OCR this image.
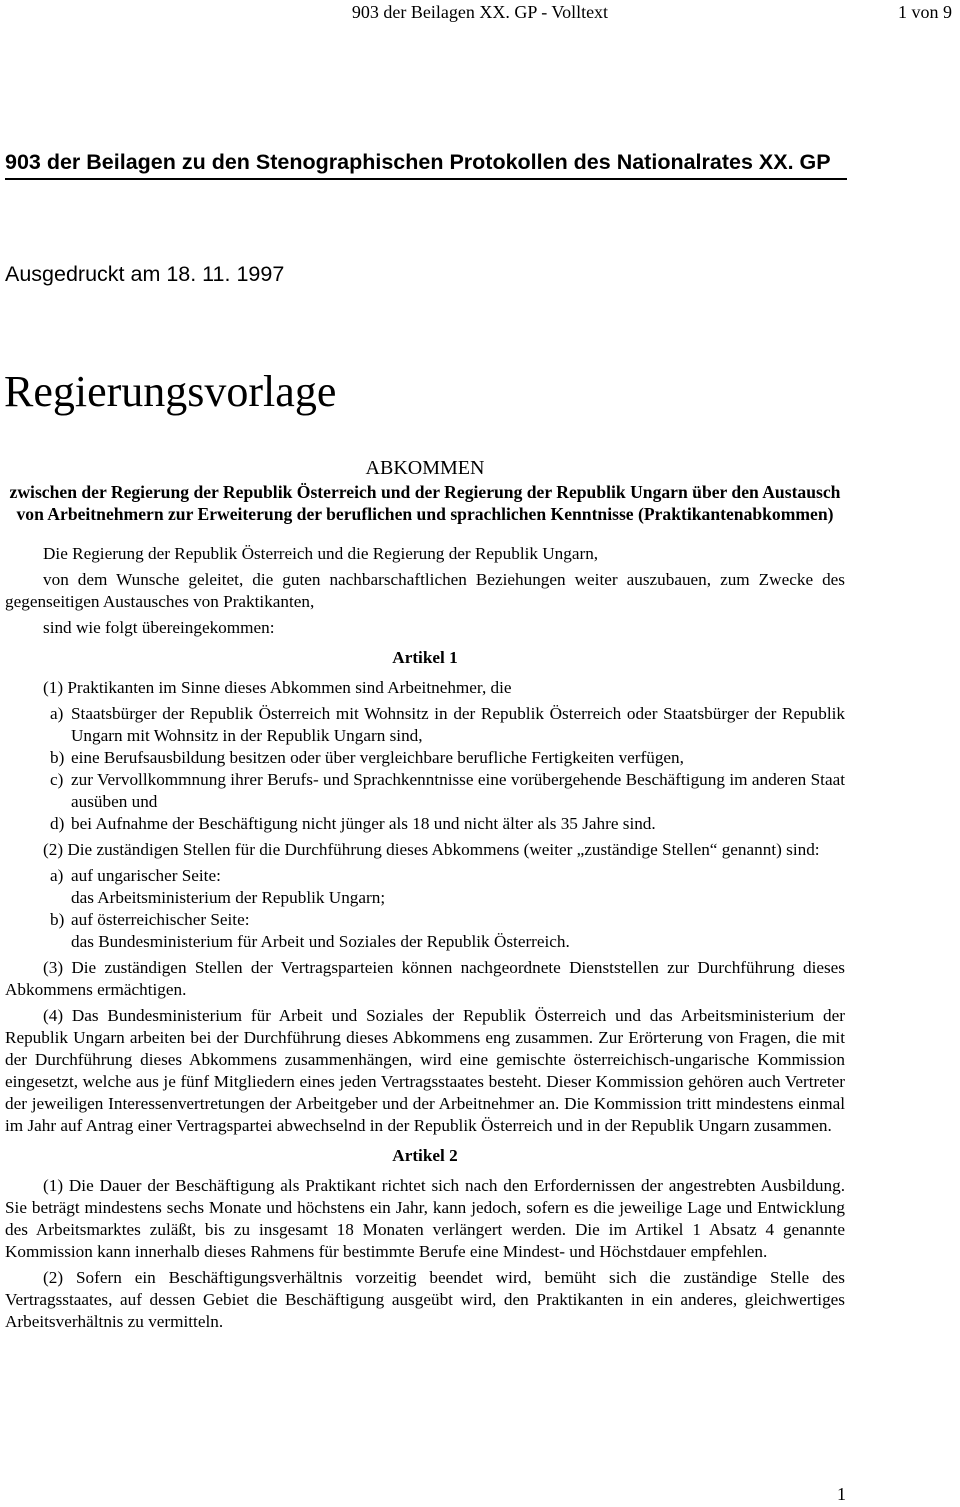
903 der Beilagen XX. GP - Volltext	1 von 9
903 der Beilagen zu den Stenographischen Protokollen des Nationalrates XX. GP
Ausgedruckt am 18. 11. 1997
Regierungsvorlage
ABKOMMEN
zwischen der Regierung der Republik Österreich und der Regierung der Republik Ungarn über den Austausch von Arbeitnehmern zur Erweiterung der beruflichen und sprachlichen Kenntnisse (Praktikantenabkommen)

Die Regierung der Republik Österreich und die Regierung der Republik Ungarn,

von dem Wunsche geleitet, die guten nachbarschaftlichen Beziehungen weiter auszubauen, zum Zwecke des gegenseitigen Austausches von Praktikanten,

sind wie folgt übereingekommen:

Artikel 1

(1) Praktikanten im Sinne dieses Abkommen sind Arbeitnehmer, die

a) Staatsbürger der Republik Österreich mit Wohnsitz in der Republik Österreich oder Staatsbürger der Republik Ungarn mit Wohnsitz in der Republik Ungarn sind,
b) eine Berufsausbildung besitzen oder über vergleichbare berufliche Fertigkeiten verfügen,
c) zur Vervollkommnung ihrer Berufs- und Sprachkenntnisse eine vorübergehende Beschäftigung im anderen Staat ausüben und
d) bei Aufnahme der Beschäftigung nicht jünger als 18 und nicht älter als 35 Jahre sind.

(2) Die zuständigen Stellen für die Durchführung dieses Abkommens (weiter „zuständige Stellen“ genannt) sind:

a) auf ungarischer Seite:
das Arbeitsministerium der Republik Ungarn;
b) auf österreichischer Seite:
das Bundesministerium für Arbeit und Soziales der Republik Österreich.

(3) Die zuständigen Stellen der Vertragsparteien können nachgeordnete Dienststellen zur Durchführung dieses Abkommens ermächtigen.

(4) Das Bundesministerium für Arbeit und Soziales der Republik Österreich und das Arbeitsministerium der Republik Ungarn arbeiten bei der Durchführung dieses Abkommens eng zusammen. Zur Erörterung von Fragen, die mit der Durchführung dieses Abkommens zusammenhängen, wird eine gemischte österreichisch-ungarische Kommission eingesetzt, welche aus je fünf Mitgliedern eines jeden Vertragsstaates besteht. Dieser Kommission gehören auch Vertreter der jeweiligen Interessenvertretungen der Arbeitgeber und der Arbeitnehmer an. Die Kommission tritt mindestens einmal im Jahr auf Antrag einer Vertragspartei abwechselnd in der Republik Österreich und in der Republik Ungarn zusammen.

Artikel 2

(1) Die Dauer der Beschäftigung als Praktikant richtet sich nach den Erfordernissen der angestrebten Ausbildung. Sie beträgt mindestens sechs Monate und höchstens ein Jahr, kann jedoch, sofern es die jeweilige Lage und Entwicklung des Arbeitsmarktes zuläßt, bis zu insgesamt 18 Monaten verlängert werden. Die im Artikel 1 Absatz 4 genannte Kommission kann innerhalb dieses Rahmens für bestimmte Berufe eine Mindest- und Höchstdauer empfehlen.

(2) Sofern ein Beschäftigungsverhältnis vorzeitig beendet wird, bemüht sich die zuständige Stelle des Vertragsstaates, auf dessen Gebiet die Beschäftigung ausgeübt wird, den Praktikanten in ein anderes, gleichwertiges Arbeitsverhältnis zu vermitteln.

1
